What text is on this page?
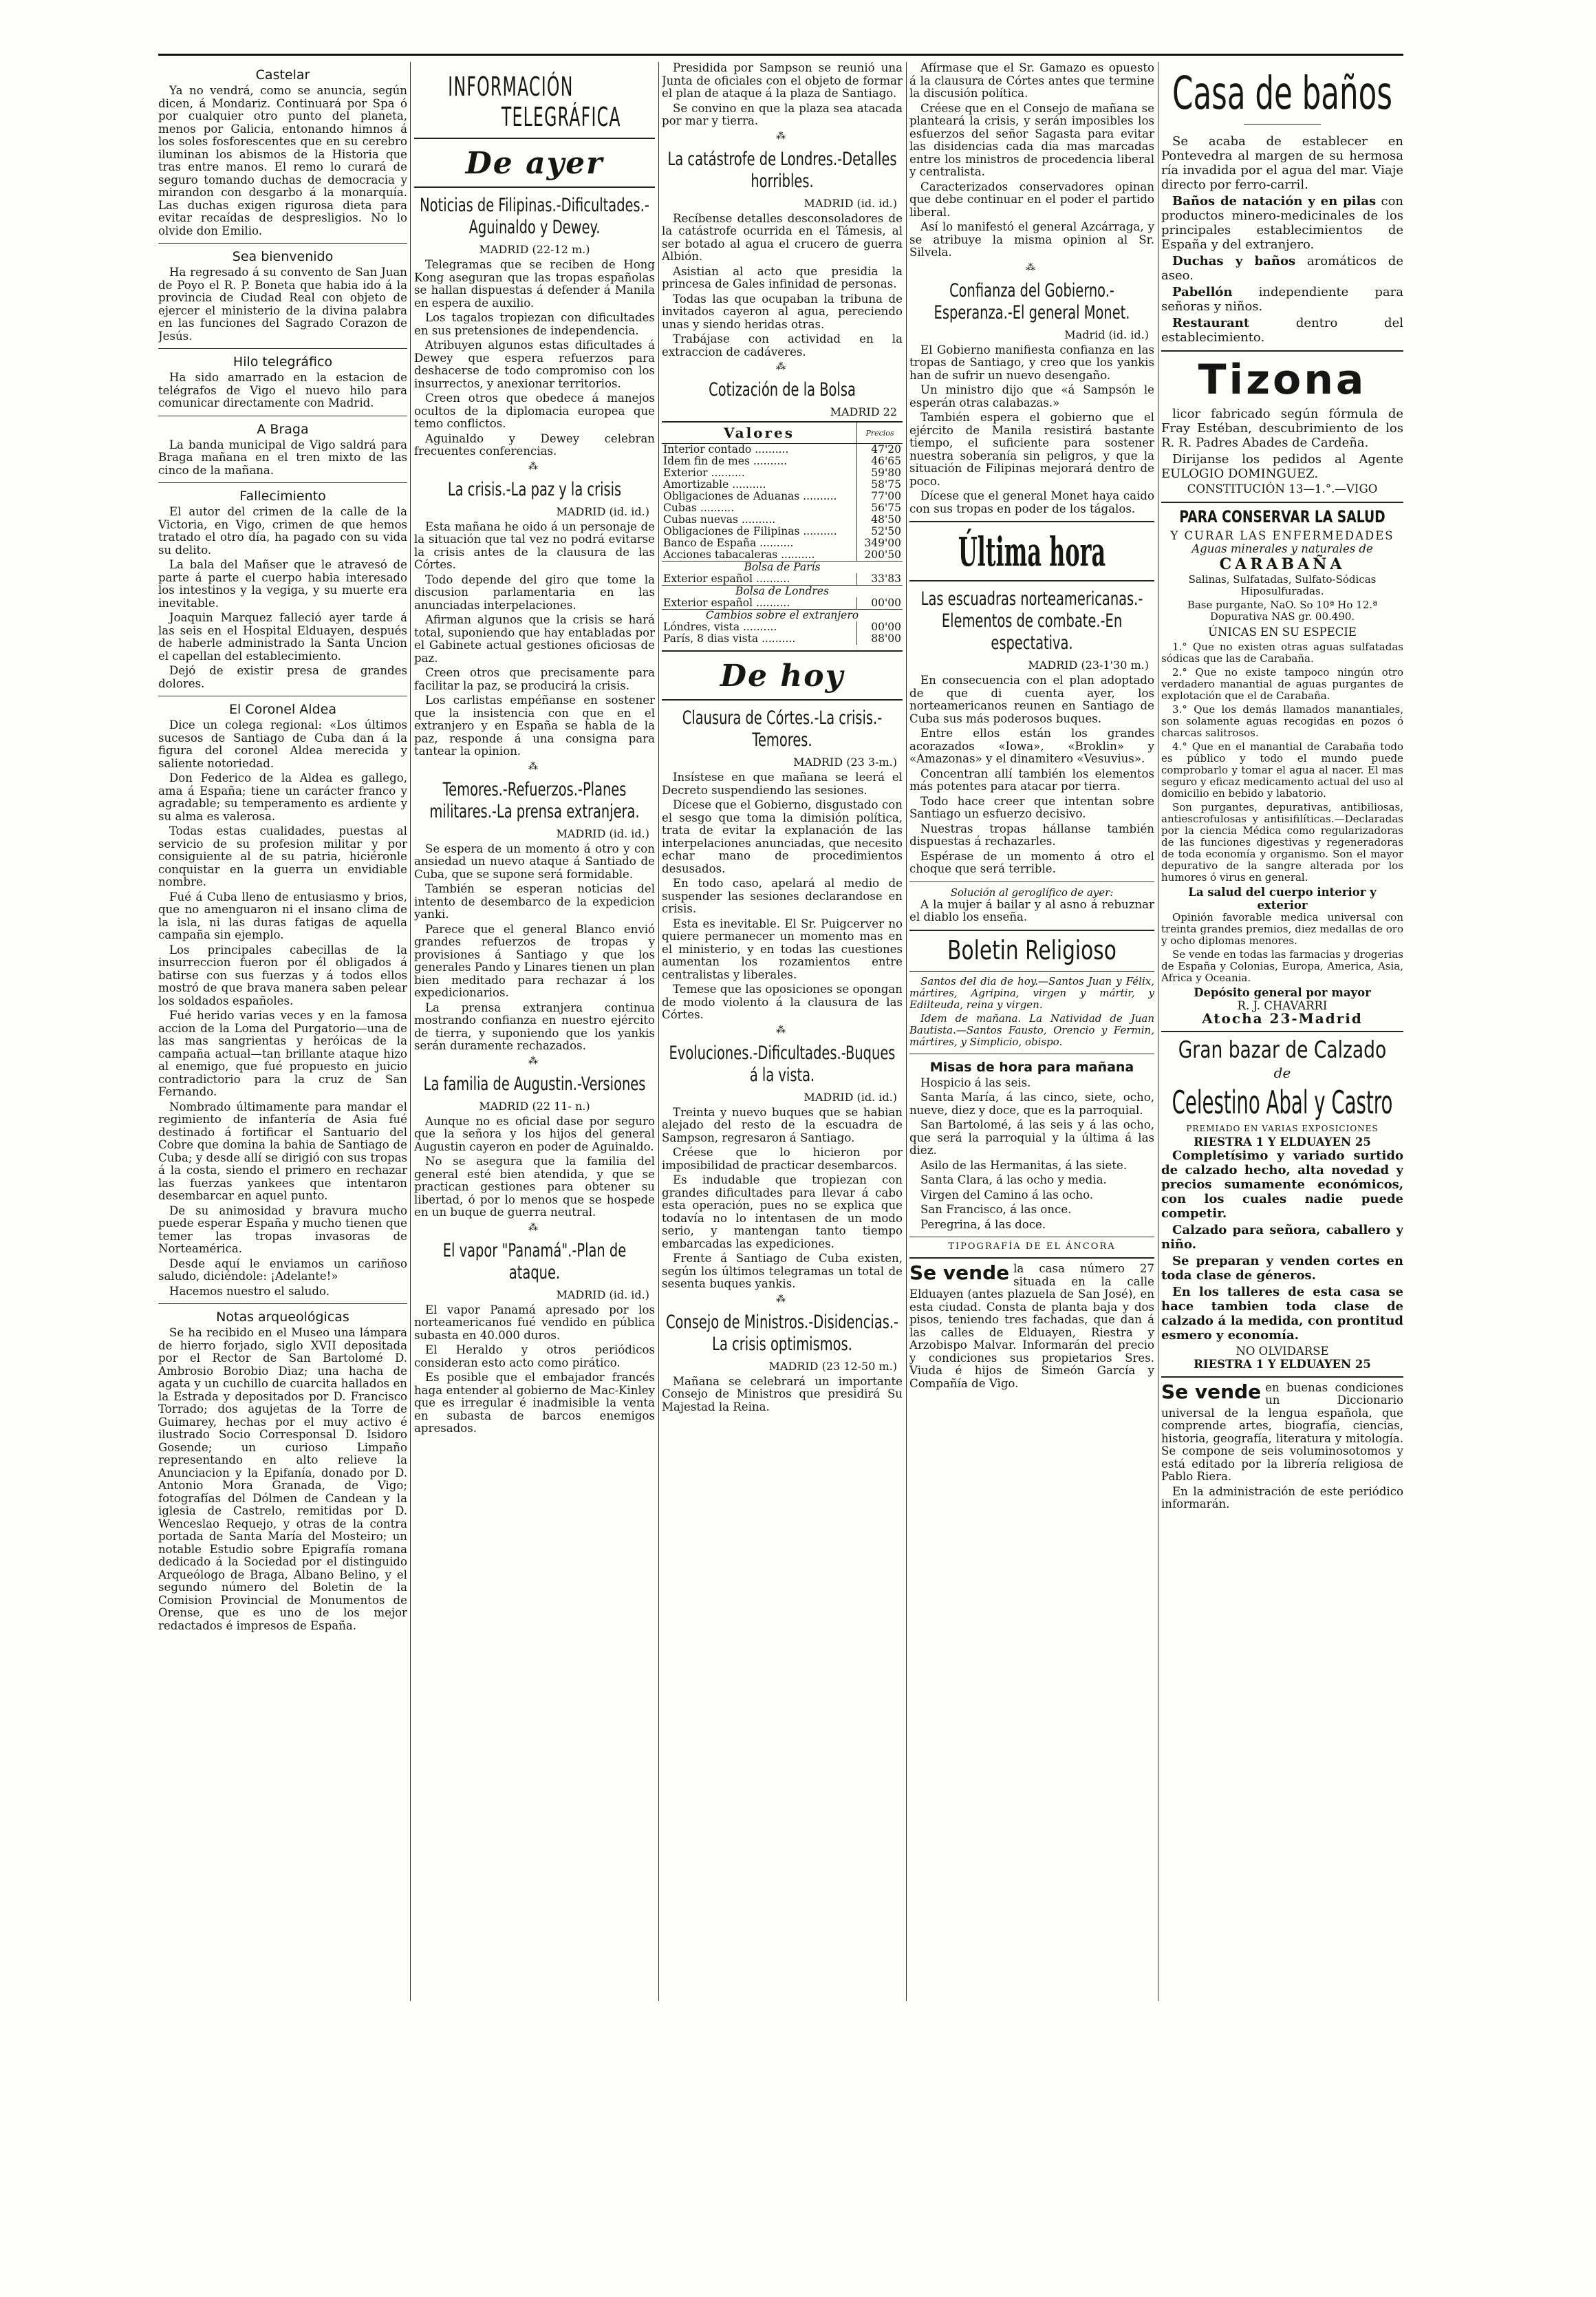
Castelar

Ya no vendrá, como se anuncia, según dicen, á Mondariz. Continuará por Spa ó por cualquier otro punto del planeta, menos por Galicia, entonando himnos á los soles fosforescentes que en su cerebro iluminan los abismos de la Historia que tras entre manos. El remo lo curará de seguro tomando duchas de democracia y mirandon con desgarbo á la monarquía. Las duchas exigen rigurosa dieta para evitar recaídas de despresligios. No lo olvide don Emilio.

Sea bienvenido

Ha regresado á su convento de San Juan de Poyo el R. P. Boneta que habia ido á la provincia de Ciudad Real con objeto de ejercer el ministerio de la divina palabra en las funciones del Sagrado Corazon de Jesús.

Hilo telegráfico

Ha sido amarrado en la estacion de telégrafos de Vigo el nuevo hilo para comunicar directamente con Madrid.

A Braga

La banda municipal de Vigo saldrá para Braga mañana en el tren mixto de las cinco de la mañana.

Fallecimiento

El autor del crimen de la calle de la Victoria, en Vigo, crimen de que hemos tratado el otro día, ha pagado con su vida su delito.

La bala del Mañser que le atravesó de parte á parte el cuerpo habia interesado los intestinos y la vegiga, y su muerte era inevitable.

Joaquin Marquez falleció ayer tarde á las seis en el Hospital Elduayen, después de haberle administrado la Santa Uncion el capellan del establecimiento.

Dejó de existir presa de grandes dolores.

El Coronel Aldea

Dice un colega regional: «Los últimos sucesos de Santiago de Cuba dan á la figura del coronel Aldea merecida y saliente notoriedad.

Don Federico de la Aldea es gallego, ama á España; tiene un carácter franco y agradable; su temperamento es ardiente y su alma es valerosa.

Todas estas cualidades, puestas al servicio de su profesion militar y por consiguiente al de su patria, hiciéronle conquistar en la guerra un envidiable nombre.

Fué á Cuba lleno de entusiasmo y brios, que no amenguaron ni el insano clima de la isla, ni las duras fatigas de aquella campaña sin ejemplo.

Los principales cabecillas de la insurreccion fueron por él obligados á batirse con sus fuerzas y á todos ellos mostró de que brava manera saben pelear los soldados españoles.

Fué herido varias veces y en la famosa accion de la Loma del Purgatorio—una de las mas sangrientas y heróicas de la campaña actual—tan brillante ataque hizo al enemigo, que fué propuesto en juicio contradictorio para la cruz de San Fernando.

Nombrado últimamente para mandar el regimiento de infantería de Asia fué destinado á fortificar el Santuario del Cobre que domina la bahia de Santiago de Cuba; y desde allí se dirigió con sus tropas á la costa, siendo el primero en rechazar las fuerzas yankees que intentaron desembarcar en aquel punto.

De su animosidad y bravura mucho puede esperar España y mucho tienen que temer las tropas invasoras de Norteamérica.

Desde aquí le enviamos un cariñoso saludo, diciéndole: ¡Adelante!»

Hacemos nuestro el saludo.

Notas arqueológicas

Se ha recibido en el Museo una lámpara de hierro forjado, siglo XVII depositada por el Rector de San Bartolomé D. Ambrosio Borobio Diaz; una hacha de agata y un cuchillo de cuarcita hallados en la Estrada y depositados por D. Francisco Torrado; dos agujetas de la Torre de Guimarey, hechas por el muy activo é ilustrado Socio Corresponsal D. Isidoro Gosende; un curioso Limpaño representando en alto relieve la Anunciacion y la Epifanía, donado por D. Antonio Mora Granada, de Vigo; fotografías del Dólmen de Candean y la iglesia de Castrelo, remitidas por D. Wenceslao Requejo, y otras de la contra portada de Santa María del Mosteiro; un notable Estudio sobre Epigrafía romana dedicado á la Sociedad por el distinguido Arqueólogo de Braga, Albano Belino, y el segundo número del Boletin de la Comision Provincial de Monumentos de Orense, que es uno de los mejor redactados é impresos de España.

INFORMACIÓN
TELEGRÁFICA
De ayer
Noticias de Filipinas.-Dificultades.-Aguinaldo y Dewey.
MADRID (22-12 m.)

Telegramas que se reciben de Hong Kong aseguran que las tropas españolas se hallan dispuestas á defender á Manila en espera de auxilio.

Los tagalos tropiezan con dificultades en sus pretensiones de independencia.

Atribuyen algunos estas dificultades á Dewey que espera refuerzos para deshacerse de todo compromiso con los insurrectos, y anexionar territorios.

Creen otros que obedece á manejos ocultos de la diplomacia europea que temo conflictos.

Aguinaldo y Dewey celebran frecuentes conferencias.

⁂
La crisis.-La paz y la crisis
MADRID (id. id.)

Esta mañana he oido á un personaje de la situación que tal vez no podrá evitarse la crisis antes de la clausura de las Córtes.

Todo depende del giro que tome la discusion parlamentaria en las anunciadas interpelaciones.

Afirman algunos que la crisis se hará total, suponiendo que hay entabladas por el Gabinete actual gestiones oficiosas de paz.

Creen otros que precisamente para facilitar la paz, se producirá la crisis.

Los carlistas empéñanse en sostener que la insistencia con que en el extranjero y en España se habla de la paz, responde á una consigna para tantear la opinion.

⁂
Temores.-Refuerzos.-Planes militares.-La prensa extranjera.
MADRID (id. id.)

Se espera de un momento á otro y con ansiedad un nuevo ataque á Santiado de Cuba, que se supone será formidable.

También se esperan noticias del intento de desembarco de la expedicion yanki.

Parece que el general Blanco envió grandes refuerzos de tropas y provisiones á Santiago y que los generales Pando y Linares tienen un plan bien meditado para rechazar á los expedicionarios.

La prensa extranjera continua mostrando confianza en nuestro ejército de tierra, y suponiendo que los yankis serán duramente rechazados.

⁂
La familia de Augustin.-Versiones
MADRID (22 11- n.)

Aunque no es oficial dase por seguro que la señora y los hijos del general Augustin cayeron en poder de Aguinaldo.

No se asegura que la familia del general esté bien atendida, y que se practican gestiones para obtener su libertad, ó por lo menos que se hospede en un buque de guerra neutral.

⁂
El vapor "Panamá".-Plan de ataque.
MADRID (id. id.)

El vapor Panamá apresado por los norteamericanos fué vendido en pública subasta en 40.000 duros.

El Heraldo y otros periódicos consideran esto acto como pirático.

Es posible que el embajador francés haga entender al gobierno de Mac-Kinley que es irregular é inadmisible la venta en subasta de barcos enemigos apresados.

Presidida por Sampson se reunió una Junta de oficiales con el objeto de formar el plan de ataque á la plaza de Santiago.

Se convino en que la plaza sea atacada por mar y tierra.

⁂
La catástrofe de Londres.-Detalles horribles.
MADRID (id. id.)

Recíbense detalles desconsoladores de la catástrofe ocurrida en el Támesis, al ser botado al agua el crucero de guerra Albión.

Asistian al acto que presidia la princesa de Gales infinidad de personas.

Todas las que ocupaban la tribuna de invitados cayeron al agua, pereciendo unas y siendo heridas otras.

Trabájase con actividad en la extraccion de cadáveres.

⁂
Cotización de la Bolsa
MADRID 22
Valores	Precios
Interior contado ..........	47'20
Idem fin de mes ..........	46'65
Exterior ..........	59'80
Amortizable ..........	58'75
Obligaciones de Aduanas ..........	77'00
Cubas ..........	56'75
Cubas nuevas ..........	48'50
Obligaciones de Filipinas ..........	52'50
Banco de España ..........	349'00
Acciones tabacaleras ..........	200'50
Bolsa de París	
Exterior español ..........	33'83
Bolsa de Londres	
Exterior español ..........	00'00
Cambios sobre el extranjero	
Lóndres, vista ..........	00'00
París, 8 dias vista ..........	88'00
De hoy
Clausura de Córtes.-La crisis.-Temores.
MADRID (23 3-m.)

Insístese en que mañana se leerá el Decreto suspendiendo las sesiones.

Dícese que el Gobierno, disgustado con el sesgo que toma la dimisión política, trata de evitar la explanación de las interpelaciones anunciadas, que necesito echar mano de procedimientos desusados.

En todo caso, apelará al medio de suspender las sesiones declarandose en crisis.

Esta es inevitable. El Sr. Puigcerver no quiere permanecer un momento mas en el ministerio, y en todas las cuestiones aumentan los rozamientos entre centralistas y liberales.

Temese que las oposiciones se opongan de modo violento á la clausura de las Córtes.

⁂
Evoluciones.-Dificultades.-Buques á la vista.
MADRID (id. id.)

Treinta y nuevo buques que se habian alejado del resto de la escuadra de Sampson, regresaron á Santiago.

Créese que lo hicieron por imposibilidad de practicar desembarcos.

Es indudable que tropiezan con grandes dificultades para llevar á cabo esta operación, pues no se explica que todavía no lo intentasen de un modo serio, y mantengan tanto tiempo embarcadas las expediciones.

Frente á Santiago de Cuba existen, según los últimos telegramas un total de sesenta buques yankis.

⁂
Consejo de Ministros.-Disidencias.-La crisis optimismos.
MADRID (23 12-50 m.)

Mañana se celebrará un importante Consejo de Ministros que presidirá Su Majestad la Reina.

Afírmase que el Sr. Gamazo es opuesto á la clausura de Córtes antes que termine la discusión política.

Créese que en el Consejo de mañana se planteará la crisis, y serán imposibles los esfuerzos del señor Sagasta para evitar las disidencias cada dia mas marcadas entre los ministros de procedencia liberal y centralista.

Caracterizados conservadores opinan que debe continuar en el poder el partido liberal.

Así lo manifestó el general Azcárraga, y se atribuye la misma opinion al Sr. Silvela.

⁂
Confianza del Gobierno.-Esperanza.-El general Monet.
Madrid (id. id.)

El Gobierno manifiesta confianza en las tropas de Santiago, y creo que los yankis han de sufrir un nuevo desengaño.

Un ministro dijo que «á Sampsón le esperán otras calabazas.»

También espera el gobierno que el ejército de Manila resistirá bastante tiempo, el suficiente para sostener nuestra soberanía sin peligros, y que la situación de Filipinas mejorará dentro de poco.

Dícese que el general Monet haya caido con sus tropas en poder de los tágalos.

Última hora
Las escuadras norteamericanas.-Elementos de combate.-En espectativa.
MADRID (23-1'30 m.)

En consecuencia con el plan adoptado de que di cuenta ayer, los norteamericanos reunen en Santiago de Cuba sus más poderosos buques.

Entre ellos están los grandes acorazados «Iowa», «Broklin» y «Amazonas» y el dinamitero «Vesuvius».

Concentran allí también los elementos más potentes para atacar por tierra.

Todo hace creer que intentan sobre Santiago un esfuerzo decisivo.

Nuestras tropas hállanse también dispuestas á rechazarles.

Espérase de un momento á otro el choque que será terrible.

Solución al geroglífico de ayer:

A la mujer á bailar y al asno á rebuznar el diablo los enseña.

Boletin Religioso

Santos del dia de hoy.—Santos Juan y Félix, mártires, Agripina, virgen y mártir, y Edilteuda, reina y virgen.

Idem de mañana. La Natividad de Juan Bautista.—Santos Fausto, Orencio y Fermin, mártires, y Simplicio, obispo.

Misas de hora para mañana

Hospicio á las seis.

Santa María, á las cinco, siete, ocho, nueve, diez y doce, que es la parroquial.

San Bartolomé, á las seis y á las ocho, que será la parroquial y la última á las diez.

Asilo de las Hermanitas, á las siete.

Santa Clara, á las ocho y media.

Virgen del Camino á las ocho.

San Francisco, á las once.

Peregrina, á las doce.

TIPOGRAFÍA DE EL ÁNCORA

Se vende la casa número 27 situada en la calle Elduayen (antes plazuela de San José), en esta ciudad. Consta de planta baja y dos pisos, teniendo tres fachadas, que dan á las calles de Elduayen, Riestra y Arzobispo Malvar. Informarán del precio y condiciones sus propietarios Sres. Viuda é hijos de Simeón García y Compañía de Vigo.

Casa de baños

Se acaba de establecer en Pontevedra al margen de su hermosa ría invadida por el agua del mar. Viaje directo por ferro-carril.

Baños de natación y en pilas con productos minero-medicinales de los principales establecimientos de España y del extranjero.

Duchas y baños aromáticos de aseo.

Pabellón independiente para señoras y niños.

Restaurant	dentro del establecimiento.

Tizona

licor fabricado según fórmula de Fray Estéban, descubrimiento de los R. R. Padres Abades de Cardeña.

Dirijanse los pedidos al Agente EULOGIO DOMINGUEZ.

CONSTITUCIÓN 13—1.°.—VIGO

PARA CONSERVAR LA SALUD
Y CURAR LAS ENFERMEDADES
Aguas minerales y naturales de
CARABAÑA

Salinas, Sulfatadas, Sulfato-Sódicas Hiposulfuradas.

Base purgante, NaO. So 10ª Ho 12.ª Dopurativa NAS gr. 00.490.

ÚNICAS EN SU ESPECIE

1.° Que no existen otras aguas sulfatadas sódicas que las de Carabaña.

2.° Que no existe tampoco ningún otro verdadero manantial de aguas purgantes de explotación que el de Carabaña.

3.° Que los demás llamados manantiales, son solamente aguas recogidas en pozos ó charcas salitrosos.

4.° Que en el manantial de Carabaña todo es público y todo el mundo puede comprobarlo y tomar el agua al nacer. El mas seguro y eficaz medicamento actual del uso al domicilio en bebido y labatorio.

Son purgantes, depurativas, antibiliosas, antiescrofulosas y antisifilíticas.—Declaradas por la ciencia Médica como regularizadoras de las funciones digestivas y regeneradoras de toda economía y organismo. Son el mayor depurativo de la sangre alterada por los humores ó virus en general.

La salud del cuerpo interior y exterior

Opinión favorable medica universal con treinta grandes premios, diez medallas de oro y ocho diplomas menores.

Se vende en todas las farmacias y drogerias de España y Colonias, Europa, America, Asia, Africa y Oceania.

Depósito general por mayor
R. J. CHAVARRI
Atocha 23-Madrid
Gran bazar de Calzado
de
Celestino Abal y Castro
PREMIADO EN VARIAS EXPOSICIONES
RIESTRA 1 Y ELDUAYEN 25

Completísimo y variado surtido de calzado hecho, alta novedad y precios sumamente económicos, con los cuales nadie puede competir.

Calzado para señora, caballero y niño.

Se preparan y venden cortes en toda clase de géneros.

En los talleres de esta casa se hace tambien toda clase de calzado á la medida, con prontitud esmero y economía.

NO OLVIDARSE
RIESTRA 1 Y ELDUAYEN 25

Se vende en buenas condiciones un Diccionario universal de la lengua española, que comprende artes, biografía, ciencias, historia, geografía, literatura y mitología. Se compone de seis voluminosotomos y está editado por la librería religiosa de Pablo Riera.

En la administración de este periódico informarán.
